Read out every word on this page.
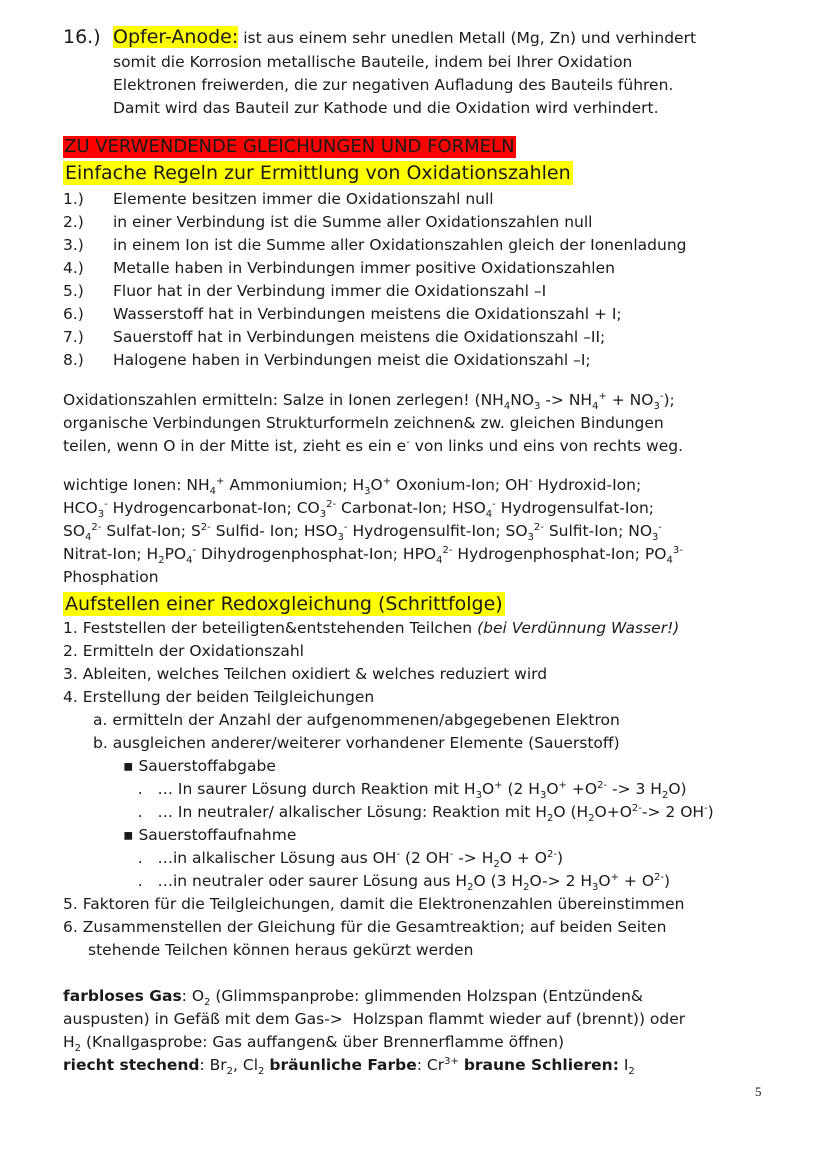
16.) Opfer-Anode: ist aus einem sehr unedlen Metall (Mg, Zn) und verhindert
somit die Korrosion metallische Bauteile, indem bei Ihrer Oxidation
Elektronen freiwerden, die zur negativen Aufladung des Bauteils führen.
Damit wird das Bauteil zur Kathode und die Oxidation wird verhindert.
ZU VERWENDENDE GLEICHUNGEN UND FORMELN
Einfache Regeln zur Ermittlung von Oxidationszahlen
1.)	Elemente besitzen immer die Oxidationszahl null
2.)	in einer Verbindung ist die Summe aller Oxidationszahlen null
3.)	in einem Ion ist die Summe aller Oxidationszahlen gleich der Ionenladung
4.)	Metalle haben in Verbindungen immer positive Oxidationszahlen
5.)	Fluor hat in der Verbindung immer die Oxidationszahl –I
6.)	Wasserstoff hat in Verbindungen meistens die Oxidationszahl + I;
7.)	Sauerstoff hat in Verbindungen meistens die Oxidationszahl –II;
8.)	Halogene haben in Verbindungen meist die Oxidationszahl –I;
Oxidationszahlen ermitteln: Salze in Ionen zerlegen! $(NH_4NO_3 -> NH_4^+ + NO_3^-)$;
organische Verbindungen Strukturformeln zeichnen& zw. gleichen Bindungen
teilen, wenn O in der Mitte ist, zieht es ein e- von links und eins von rechts weg.
wichtige Ionen: $NH_4^+$ Ammoniumion; $H_3O^+$ Oxonium-Ion; OH- Hydroxid-Ion;
$HCO_3^-$ Hydrogencarbonat-Ion; $CO_3^{2-}$ Carbonat-Ion; $HSO_4^-$ Hydrogensulfat-Ion;
$SO_4^{2-}$ Sulfat-Ion; $S^{2-}$ Sulfid- Ion; $HSO_3^-$ Hydrogensulfit-Ion; $SO_3^{2-}$ Sulfit-Ion; $NO_3^-$
Nitrat-Ion; $H_2PO_4^-$ Dihydrogenphosphat-Ion; $HPO_4^{2-}$ Hydrogenphosphat-Ion; $PO_4^{3-}$
Phosphation
Aufstellen einer Redoxgleichung (Schrittfolge)
1. Feststellen der beteiligten&entstehenden Teilchen (bei Verdünnung Wasser!)
2. Ermitteln der Oxidationszahl
3. Ableiten, welches Teilchen oxidiert & welches reduziert wird
4. Erstellung der beiden Teilgleichungen
a. ermitteln der Anzahl der aufgenommenen/abgegebenen Elektron
b. ausgleichen anderer/weiterer vorhandener Elemente (Sauerstoff)
▪ Sauerstoffabgabe
.   … In saurer Lösung durch Reaktion mit $H_3O^+$ (2 $H_3O^+ +O^{2-} -> 3$ $H_2O$)
.   … In neutraler/ alkalischer Lösung: Reaktion mit $H_2O$ ($H_2O+O^{2-}-> 2$ OH-)
▪ Sauerstoffaufnahme
.   …in alkalischer Lösung aus OH- (2 $OH^- -> H_2O + O^{2-}$)
.   …in neutraler oder saurer Lösung aus $H_2O$ (3 $H_2O-> 2$ $H_3O^+ + O^{2-}$)
5. Faktoren für die Teilgleichungen, damit die Elektronenzahlen übereinstimmen
6. Zusammenstellen der Gleichung für die Gesamtreaktion; auf beiden Seiten
stehende Teilchen können heraus gekürzt werden
farbloses Gas: $O_2$ (Glimmspanprobe: glimmenden Holzspan (Entzünden&
auspusten) in Gefäß mit dem Gas->  Holzspan flammt wieder auf (brennt)) oder
$H_2$ (Knallgasprobe: Gas auffangen& über Brennerflamme öffnen)
riecht stechend: $Br_2$, $Cl_2$ bräunliche Farbe: $Cr^{3+}$ braune Schlieren: $I_2$
5
